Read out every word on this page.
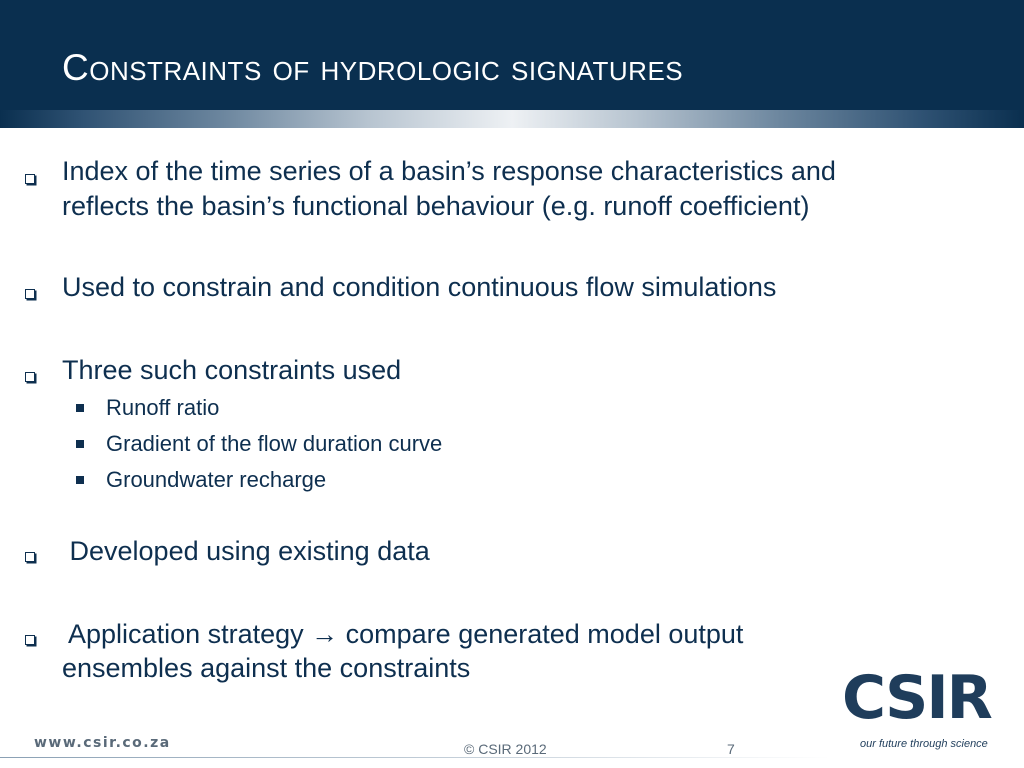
Constraints of hydrologic signatures
Index of the time series of a basin’s response characteristics and
reflects the basin’s functional behaviour (e.g. runoff coefficient)
Used to constrain and condition continuous flow simulations
Three such constraints used
Runoff ratio
Gradient of the flow duration curve
Groundwater recharge
Developed using existing data
Application strategy → compare generated model output
ensembles against the constraints
www.csir.co.za	© CSIR 2012	7
CSIR
our future through science
